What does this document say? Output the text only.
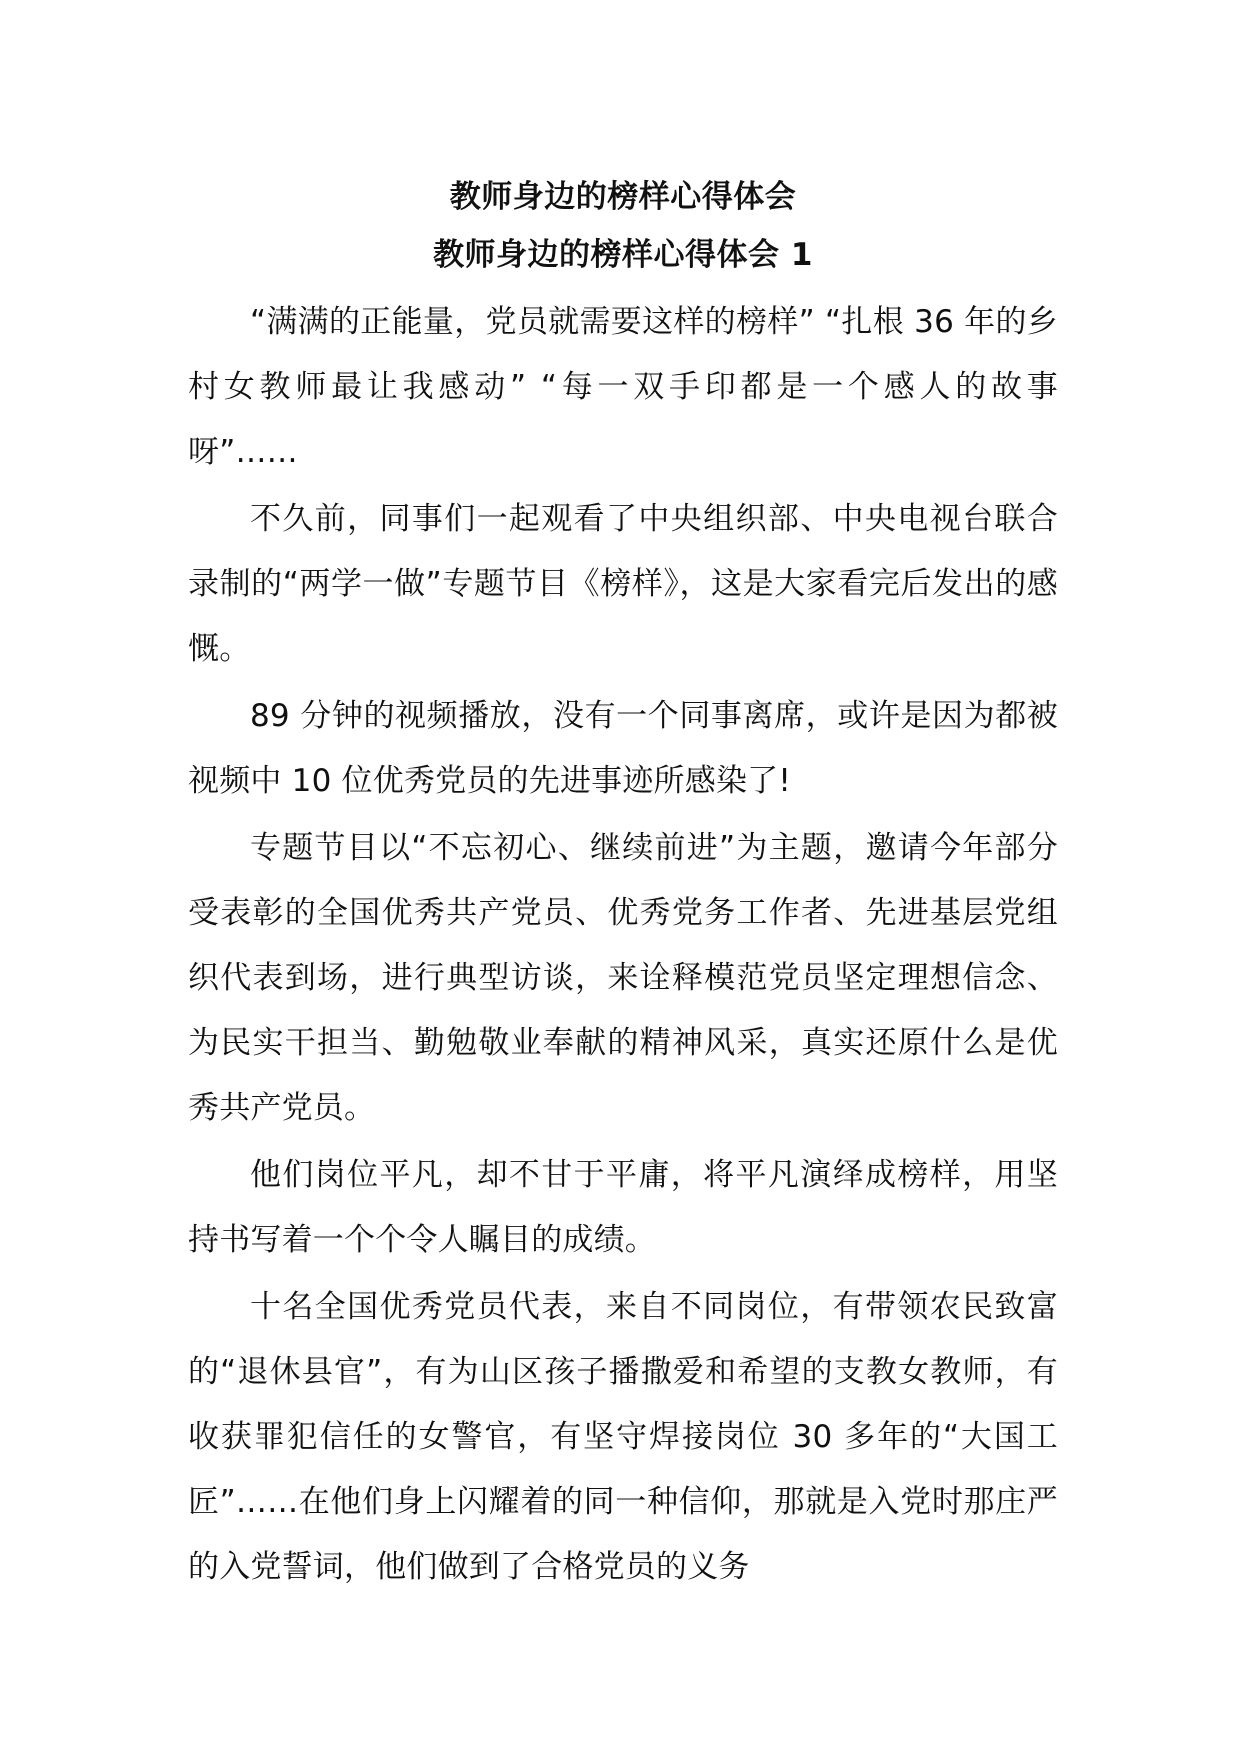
教师身边的榜样心得体会
教师身边的榜样心得体会 1

“满满的正能量，党员就需要这样的榜样” “扎根 36 年的乡村女教师最让我感动” “每一双手印都是一个感人的故事呀”……

不久前，同事们一起观看了中央组织部、中央电视台联合录制的“两学一做”专题节目《榜样》，这是大家看完后发出的感慨。

89 分钟的视频播放，没有一个同事离席，或许是因为都被视频中 10 位优秀党员的先进事迹所感染了!

专题节目以“不忘初心、继续前进”为主题，邀请今年部分受表彰的全国优秀共产党员、优秀党务工作者、先进基层党组织代表到场，进行典型访谈，来诠释模范党员坚定理想信念、为民实干担当、勤勉敬业奉献的精神风采，真实还原什么是优秀共产党员。

他们岗位平凡，却不甘于平庸，将平凡演绎成榜样，用坚持书写着一个个令人瞩目的成绩。

十名全国优秀党员代表，来自不同岗位，有带领农民致富的“退休县官”，有为山区孩子播撒爱和希望的支教女教师，有收获罪犯信任的女警官，有坚守焊接岗位 30 多年的“大国工匠”……在他们身上闪耀着的同一种信仰，那就是入党时那庄严的入党誓词，他们做到了合格党员的义务
